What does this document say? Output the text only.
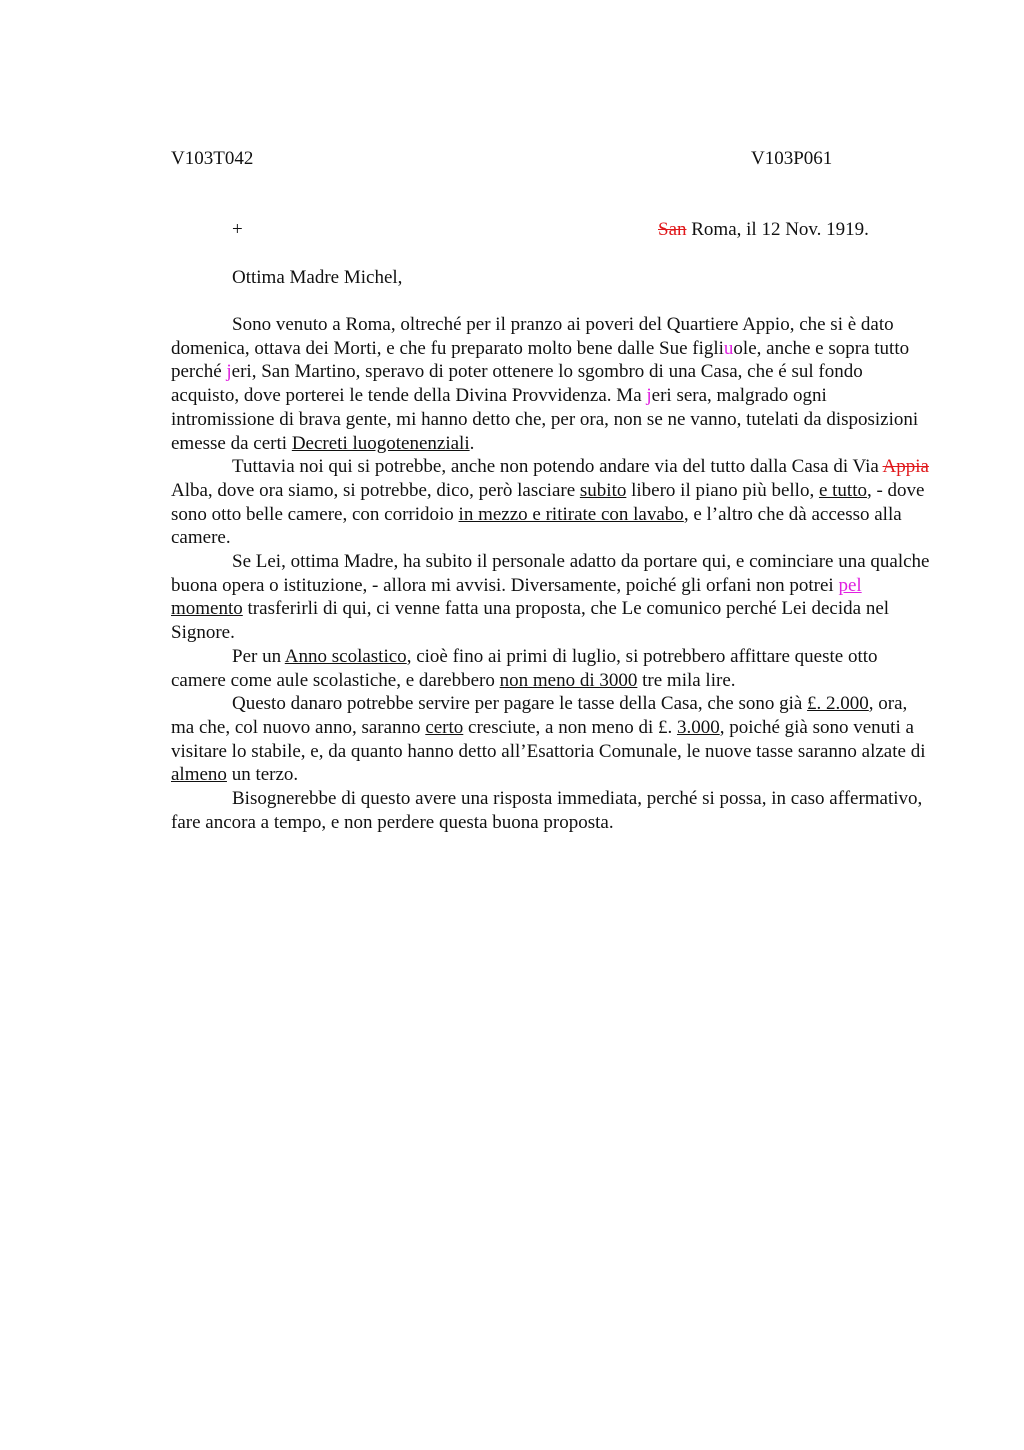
V103T042	V103P061

+	San Roma, il 12 Nov. 1919.

Ottima Madre Michel,

Sono venuto a Roma, oltreché per il pranzo ai poveri del Quartiere Appio, che si è dato domenica, ottava dei Morti, e che fu preparato molto bene dalle Sue figliuole, anche e sopra tutto perché jeri, San Martino, speravo di poter ottenere lo sgombro di una Casa, che é sul fondo acquisto, dove porterei le tende della Divina Provvidenza. Ma jeri sera, malgrado ogni intromissione di brava gente, mi hanno detto che, per ora, non se ne vanno, tutelati da disposizioni emesse da certi Decreti luogotenenziali.

Tuttavia noi qui si potrebbe, anche non potendo andare via del tutto dalla Casa di Via Appia Alba, dove ora siamo, si potrebbe, dico, però lasciare subito libero il piano più bello, e tutto, - dove sono otto belle camere, con corridoio in mezzo e ritirate con lavabo, e l’altro che dà accesso alla camere.

Se Lei, ottima Madre, ha subito il personale adatto da portare qui, e cominciare una qualche buona opera o istituzione, - allora mi avvisi. Diversamente, poiché gli orfani non potrei pel momento trasferirli di qui, ci venne fatta una proposta, che Le comunico perché Lei decida nel Signore.

Per un Anno scolastico, cioè fino ai primi di luglio, si potrebbero affittare queste otto camere come aule scolastiche, e darebbero non meno di 3000 tre mila lire.

Questo danaro potrebbe servire per pagare le tasse della Casa, che sono già £. 2.000, ora, ma che, col nuovo anno, saranno certo cresciute, a non meno di £. 3.000, poiché già sono venuti a visitare lo stabile, e, da quanto hanno detto all’Esattoria Comunale, le nuove tasse saranno alzate di almeno un terzo.

Bisognerebbe di questo avere una risposta immediata, perché si possa, in caso affermativo, fare ancora a tempo, e non perdere questa buona proposta.
